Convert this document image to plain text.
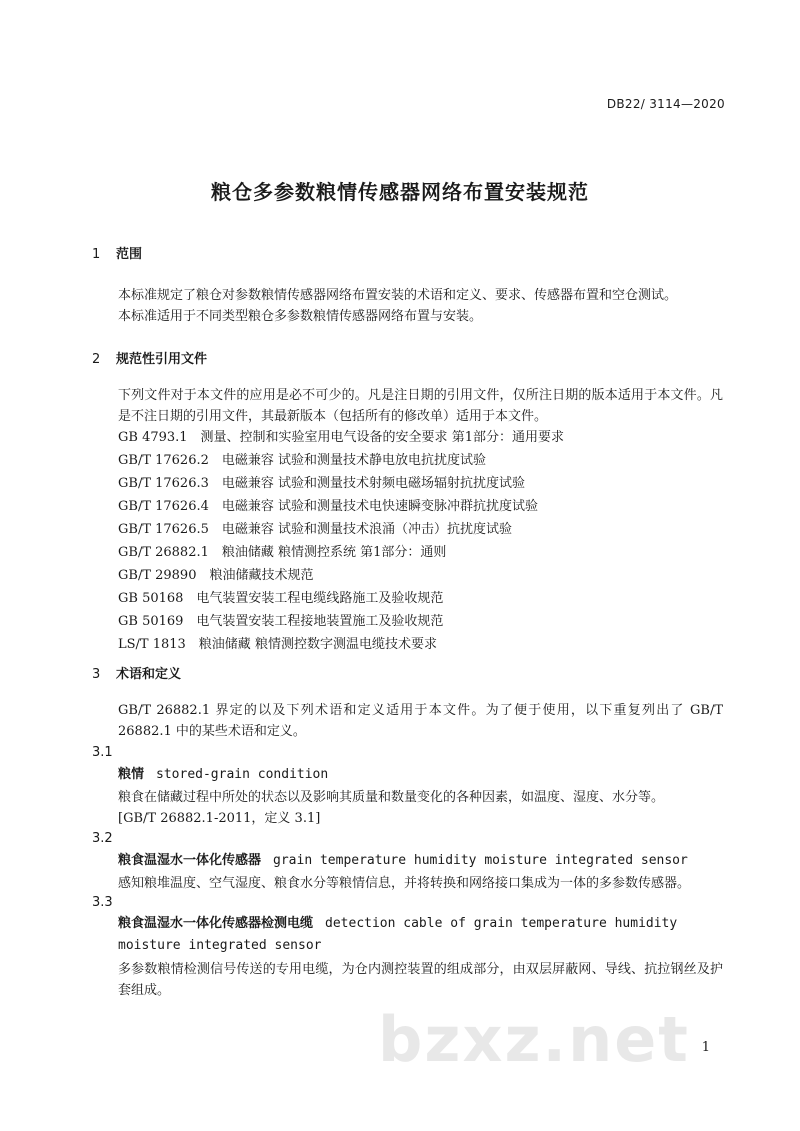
DB22/ 3114—2020
粮仓多参数粮情传感器网络布置安装规范
1 范围

本标准规定了粮仓对参数粮情传感器网络布置安装的术语和定义、要求、传感器布置和空仓测试。

本标准适用于不同类型粮仓多参数粮情传感器网络布置与安装。

2 规范性引用文件

下列文件对于本文件的应用是必不可少的。凡是注日期的引用文件，仅所注日期的版本适用于本文件。凡是不注日期的引用文件，其最新版本（包括所有的修改单）适用于本文件。

GB 4793.1　测量、控制和实验室用电气设备的安全要求 第1部分：通用要求
GB/T 17626.2　电磁兼容 试验和测量技术静电放电抗扰度试验
GB/T 17626.3　电磁兼容 试验和测量技术射频电磁场辐射抗扰度试验
GB/T 17626.4　电磁兼容 试验和测量技术电快速瞬变脉冲群抗扰度试验
GB/T 17626.5　电磁兼容 试验和测量技术浪涌（冲击）抗扰度试验
GB/T 26882.1　粮油储藏 粮情测控系统 第1部分：通则
GB/T 29890　粮油储藏技术规范
GB 50168　电气装置安装工程电缆线路施工及验收规范
GB 50169　电气装置安装工程接地装置施工及验收规范
LS/T 1813　粮油储藏 粮情测控数字测温电缆技术要求
3 术语和定义

GB/T 26882.1 界定的以及下列术语和定义适用于本文件。为了便于使用，以下重复列出了 GB/T 26882.1 中的某些术语和定义。

3.1
粮情 stored-grain condition

粮食在储藏过程中所处的状态以及影响其质量和数量变化的各种因素，如温度、湿度、水分等。

[GB/T 26882.1-2011，定义 3.1]

3.2
粮食温湿水一体化传感器 grain temperature humidity moisture integrated sensor

感知粮堆温度、空气湿度、粮食水分等粮情信息，并将转换和网络接口集成为一体的多参数传感器。

3.3
粮食温湿水一体化传感器检测电缆 detection cable of grain temperature humidity moisture integrated sensor

多参数粮情检测信号传送的专用电缆，为仓内测控装置的组成部分，由双层屏蔽网、导线、抗拉钢丝及护套组成。

bzxz.net 1
